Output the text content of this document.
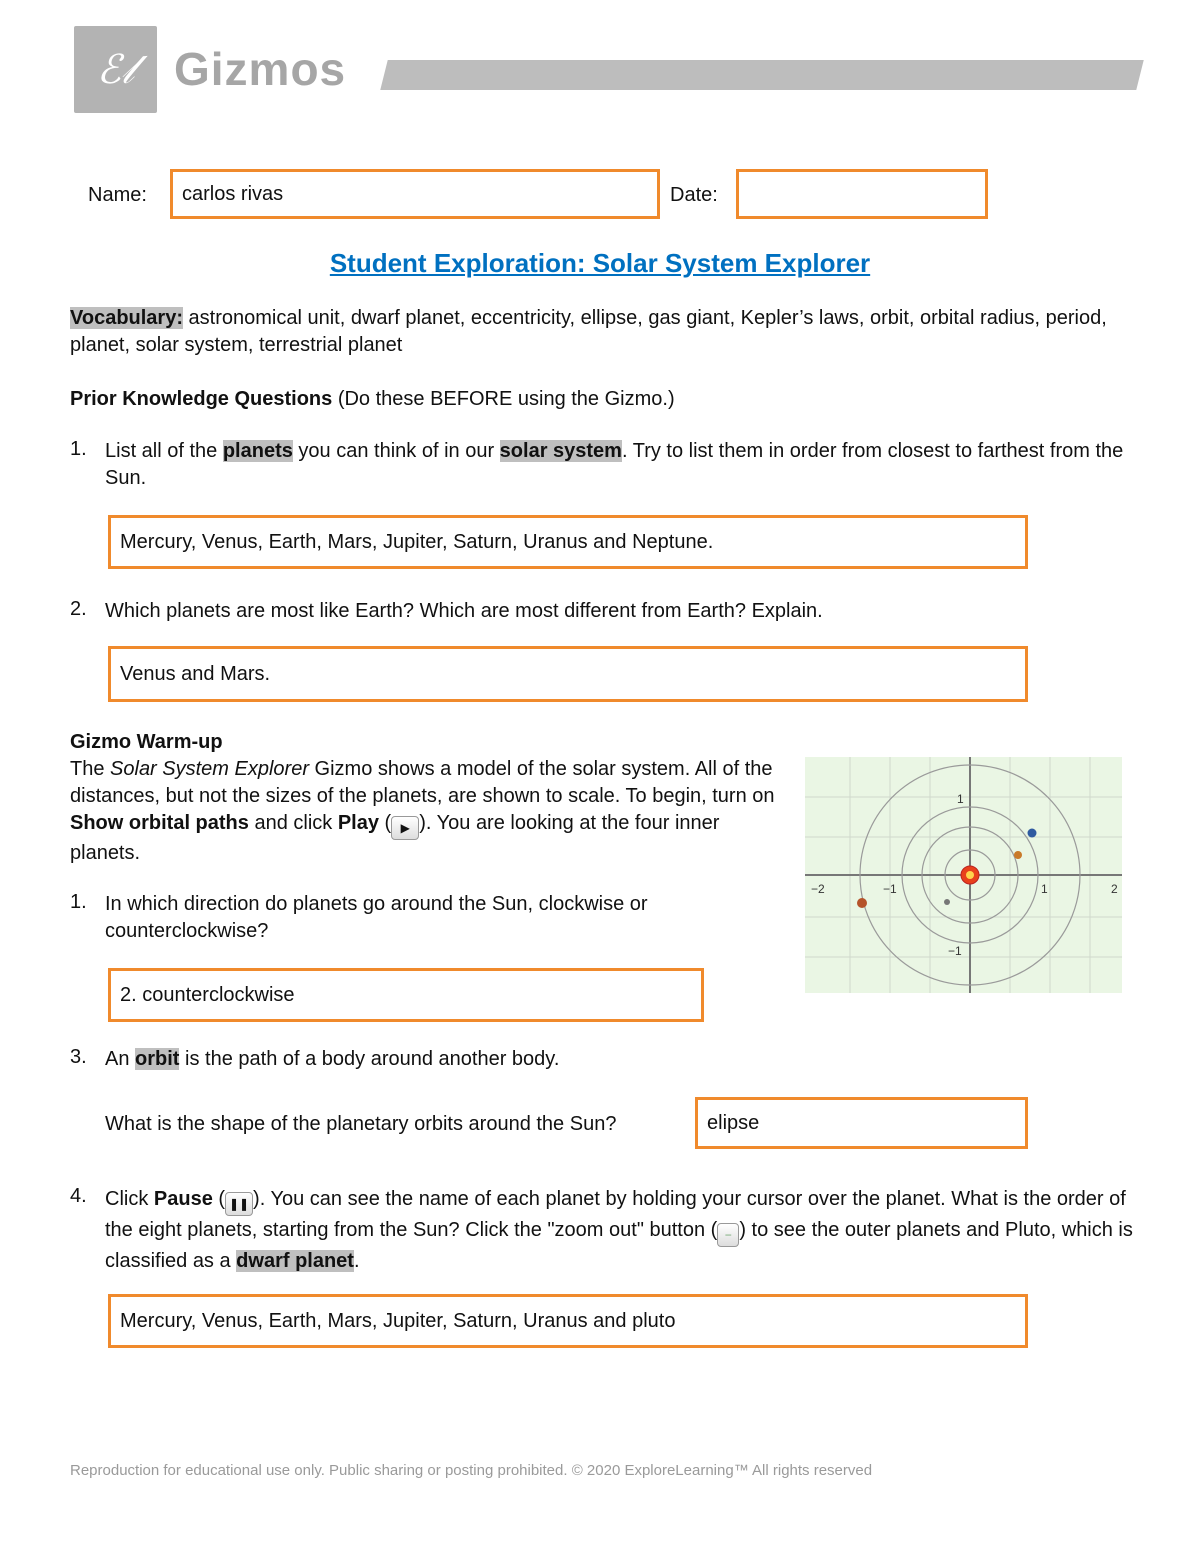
ℰ𝓁 Gizmos
Name: carlos rivas	Date:
Student Exploration: Solar System Explorer
Vocabulary: astronomical unit, dwarf planet, eccentricity, ellipse, gas giant, Kepler’s laws, orbit, orbital radius, period, planet, solar system, terrestrial planet
Prior Knowledge Questions (Do these BEFORE using the Gizmo.)
1. List all of the planets you can think of in our solar system. Try to list them in order from closest to farthest from the Sun.
Mercury, Venus, Earth, Mars, Jupiter, Saturn, Uranus and Neptune.
2. Which planets are most like Earth? Which are most different from Earth? Explain.
Venus and Mars.
Gizmo Warm-up
The Solar System Explorer Gizmo shows a model of the solar system. All of the distances, but not the sizes of the planets, are shown to scale. To begin, turn on Show orbital paths and click Play ( ▶ ). You are looking at the four inner planets.
−2	−1	1	2
1
−1
1. In which direction do planets go around the Sun, clockwise or counterclockwise?
2. counterclockwise
3. An orbit is the path of a body around another body.
What is the shape of the planetary orbits around the Sun?	elipse
4. Click Pause ( ❚❚ ). You can see the name of each planet by holding your cursor over the planet. What is the order of the eight planets, starting from the Sun? Click the "zoom out" button ( − ) to see the outer planets and Pluto, which is classified as a dwarf planet.
Mercury, Venus, Earth, Mars, Jupiter, Saturn, Uranus and pluto
Reproduction for educational use only. Public sharing or posting prohibited. © 2020 ExploreLearning™ All rights reserved
